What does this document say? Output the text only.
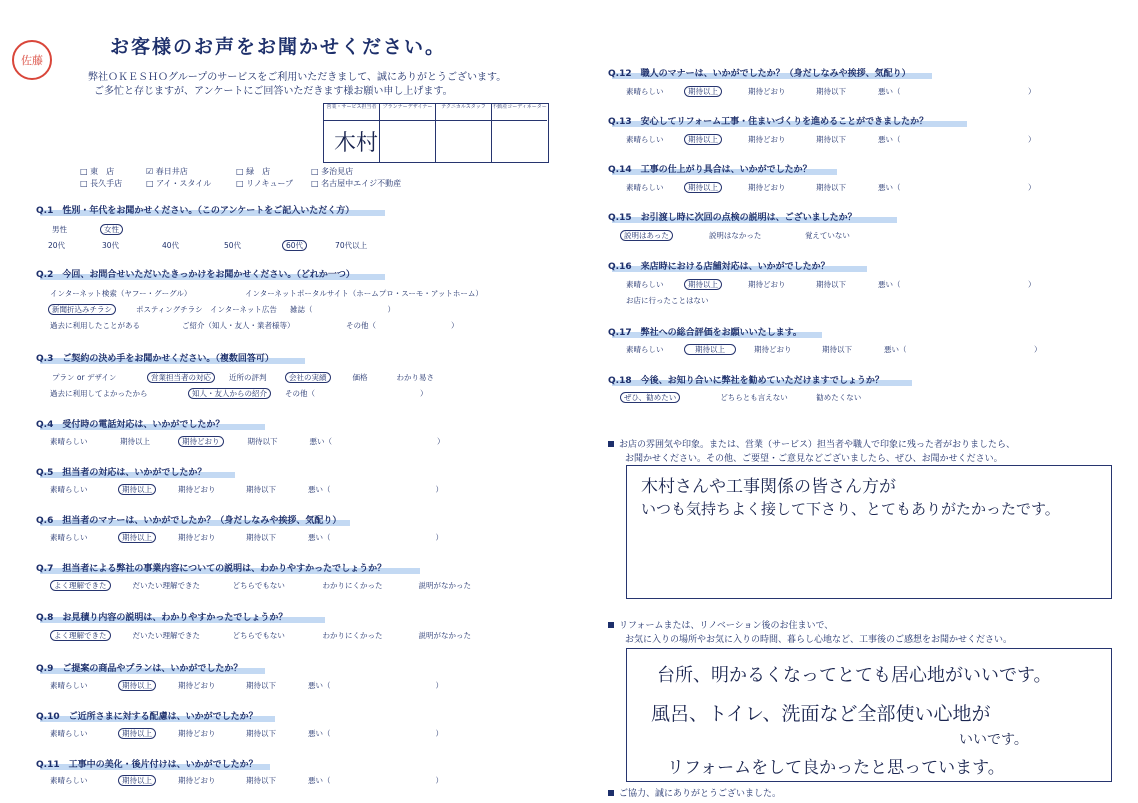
佐藤
お客様のお声をお聞かせください。
弊社ＯＫＥＳＨＯグループのサービスをご利用いただきまして、誠にありがとうございます。
ご多忙と存じますが、アンケートにご回答いただきます様お願い申し上げます。
営業・サービス担当者	プランナーデザイナー	テクニカルスタッフ	不動産コーディネーター
木村
□ 東　店	☑ 春日井店	□ 緑　店	□ 多治見店
□ 長久手店	□ アイ・スタイル	□ リノキューブ □ 名古屋中エイジ不動産
Q.1　性別・年代をお聞かせください。（このアンケートをご記入いただく方）
男性	女性
20代	30代	40代	50代	60代	70代以上
Q.2　今回、お問合せいただいたきっかけをお聞かせください。（どれか一つ）
インターネット検索（ヤフー・グーグル）	インターネットポータルサイト（ホームプロ・スーモ・アットホーム）
新聞折込みチラシ	ポスティングチラシ インターネット広告 雑誌（　　　　　　　　　　）
過去に利用したことがある	ご紹介（知人・友人・業者様等）	その他（　　　　　　　　　　）
Q.3　ご契約の決め手をお聞かせください。（複数回答可）
プラン or デザイン	営業担当者の対応 近所の評判	会社の実績	価格	わかり易さ
過去に利用してよかったから	知人・友人からの紹介 その他（　　　　　　　　　　　　　　）
Q.4　受付時の電話対応は、いかがでしたか？
素晴らしい	期待以上	期待どおり	期待以下	悪い（　　　　　　　　　　　　　　）
Q.5　担当者の対応は、いかがでしたか？
素晴らしい	期待以上	期待どおり	期待以下	悪い（　　　　　　　　　　　　　　）
Q.6　担当者のマナーは、いかがでしたか？（身だしなみや挨拶、気配り）
素晴らしい	期待以上	期待どおり	期待以下	悪い（　　　　　　　　　　　　　　）
Q.7　担当者による弊社の事業内容についての説明は、わかりやすかったでしょうか？
よく理解できた	だいたい理解できた	どちらでもない	わかりにくかった	説明がなかった
Q.8　お見積り内容の説明は、わかりやすかったでしょうか？
よく理解できた	だいたい理解できた	どちらでもない	わかりにくかった	説明がなかった
Q.9　ご提案の商品やプランは、いかがでしたか？
素晴らしい	期待以上	期待どおり	期待以下	悪い（　　　　　　　　　　　　　　）
Q.10　ご近所さまに対する配慮は、いかがでしたか？
素晴らしい	期待以上	期待どおり	期待以下	悪い（　　　　　　　　　　　　　　）
Q.11　工事中の美化・後片付けは、いかがでしたか？
素晴らしい	期待以上	期待どおり	期待以下	悪い（　　　　　　　　　　　　　　）
Q.12　職人のマナーは、いかがでしたか？（身だしなみや挨拶、気配り）
素晴らしい	期待以上	期待どおり	期待以下	悪い（　　　　　　　　　　　　　　　　　）
Q.13　安心してリフォーム工事・住まいづくりを進めることができましたか？
素晴らしい	期待以上	期待どおり	期待以下	悪い（　　　　　　　　　　　　　　　　　）
Q.14　工事の仕上がり具合は、いかがでしたか？
素晴らしい	期待以上	期待どおり	期待以下	悪い（　　　　　　　　　　　　　　　　　）
Q.15　お引渡し時に次回の点検の説明は、ございましたか？
説明はあった	説明はなかった	覚えていない
Q.16　来店時における店舗対応は、いかがでしたか？
素晴らしい	期待以上	期待どおり	期待以下	悪い（　　　　　　　　　　　　　　　　　）
お店に行ったことはない
Q.17　弊社への総合評価をお願いいたします。
素晴らしい	期待以上	期待どおり	期待以下	悪い（　　　　　　　　　　　　　　　　　）
Q.18　今後、お知り合いに弊社を勧めていただけますでしょうか？
ぜひ、勧めたい	どちらとも言えない	勧めたくない
お店の雰囲気や印象。または、営業（サービス）担当者や職人で印象に残った者がおりましたら、
お聞かせください。その他、ご要望・ご意見などございましたら、ぜひ、お聞かせください。
木村さんや工事関係の皆さん方が
いつも気持ちよく接して下さり、とてもありがたかったです。
リフォームまたは、リノベーション後のお住まいで、
お気に入りの場所やお気に入りの時間、暮らし心地など、工事後のご感想をお聞かせください。
台所、明かるくなってとても居心地がいいです。
風呂、トイレ、洗面など全部使い心地が
いいです。
リフォームをして良かったと思っています。
ご協力、誠にありがとうございました。
